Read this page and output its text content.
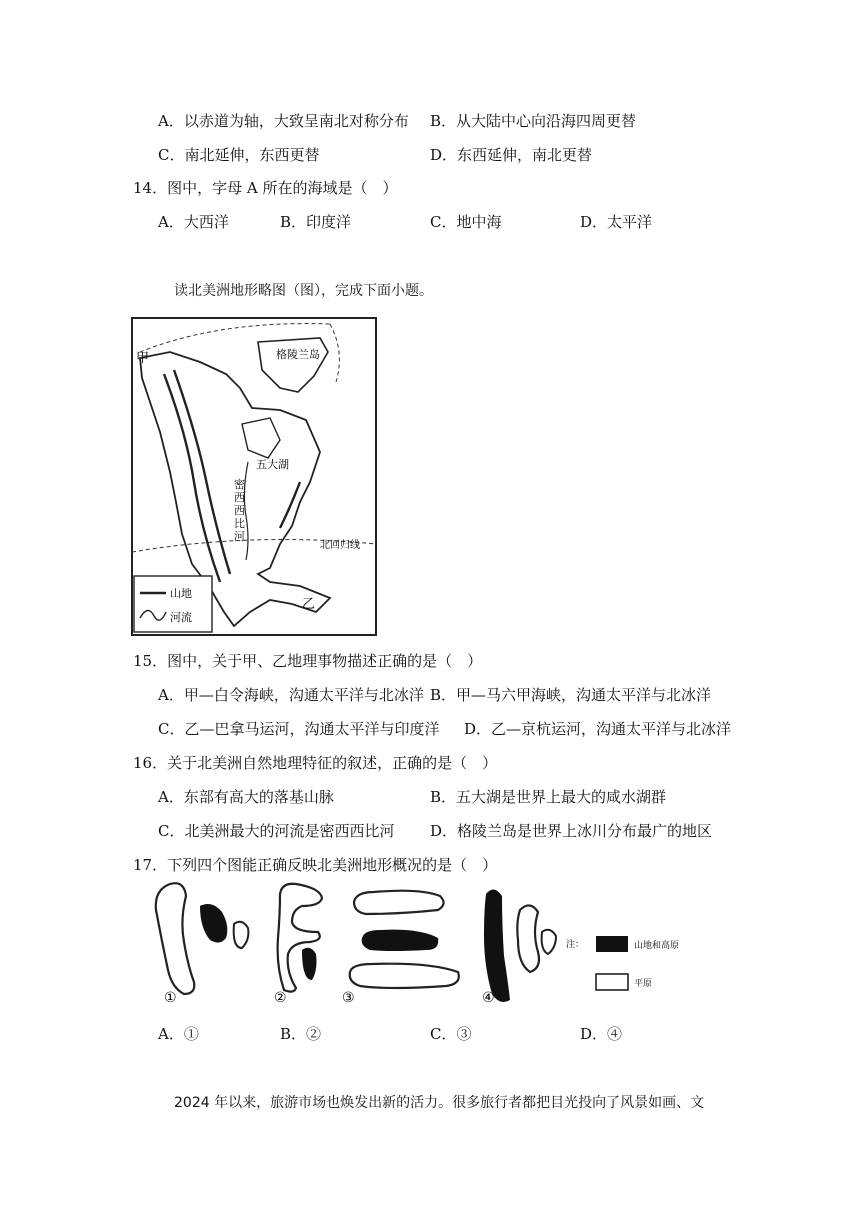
A．以赤道为轴，大致呈南北对称分布 B．从大陆中心向沿海四周更替
C．南北延伸，东西更替	D．东西延伸，南北更替
14．图中，字母 A 所在的海域是（　）
A．大西洋	B．印度洋	C．地中海	D．太平洋
读北美洲地形略图（图），完成下面小题。
甲	格陵兰岛
五大湖
北回归线
乙
山地
河流
密西西比河
15．图中，关于甲、乙地理事物描述正确的是（　）
A．甲—白令海峡，沟通太平洋与北冰洋 B．甲—马六甲海峡，沟通太平洋与北冰洋
C．乙—巴拿马运河，沟通太平洋与印度洋 D．乙—京杭运河，沟通太平洋与北冰洋
16．关于北美洲自然地理特征的叙述，正确的是（　）
A．东部有高大的落基山脉	B．五大湖是世界上最大的咸水湖群
C．北美洲最大的河流是密西西比河 D．格陵兰岛是世界上冰川分布最广的地区
17．下列四个图能正确反映北美洲地形概况的是（　）
①	②	③	④
注：	山地和高原
平原
A．①	B．②	C．③	D．④
2024 年以来，旅游市场也焕发出新的活力。很多旅行者都把目光投向了风景如画、文
